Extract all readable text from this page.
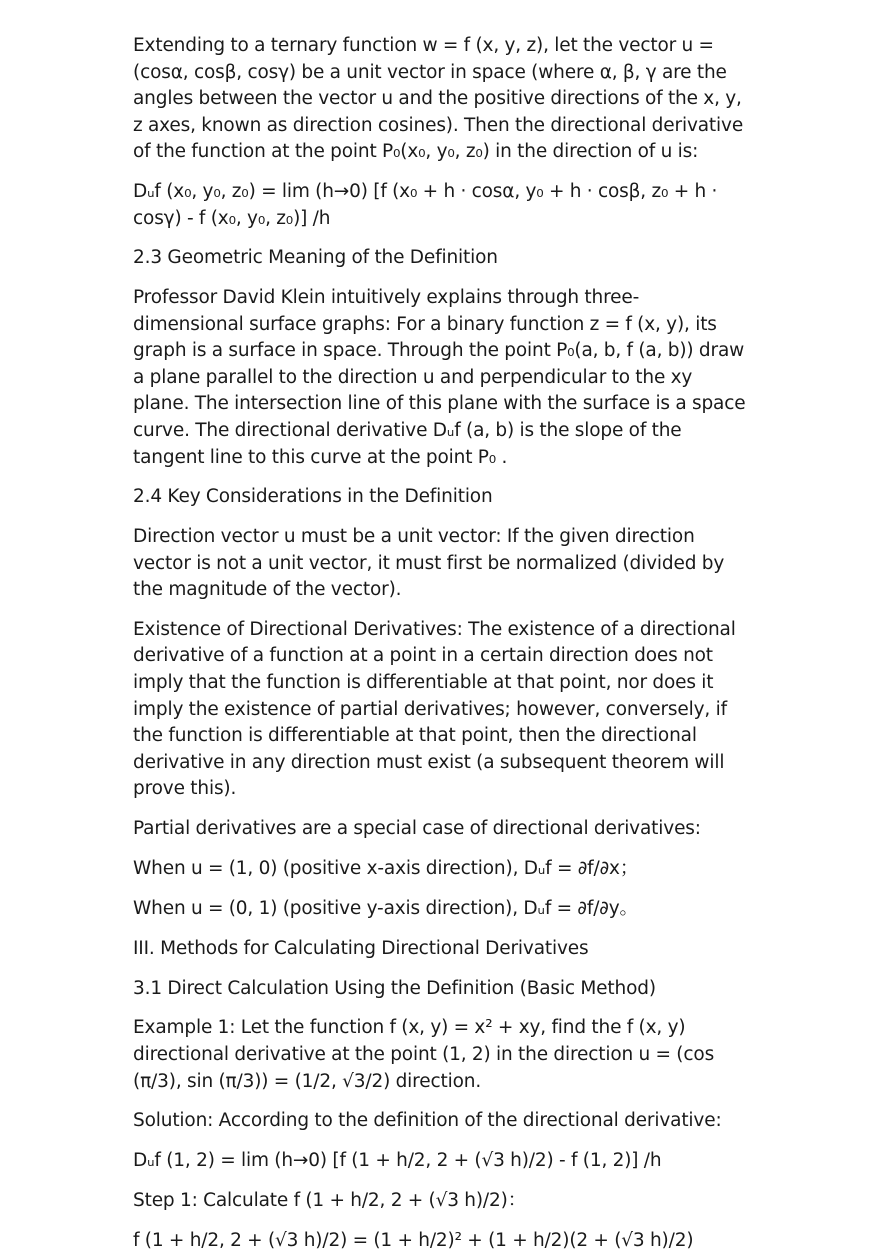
Extending to a ternary function w = f (x, y, z), let the vector u = (cosα, cosβ, cosγ) be a unit vector in space (where α, β, γ are the angles between the vector u and the positive directions of the x, y, z axes, known as direction cosines). Then the directional derivative of the function at the point P₀(x₀, y₀, z₀) in the direction of u is:

Dᵤf (x₀, y₀, z₀) = lim (h→0) [f (x₀ + h · cosα, y₀ + h · cosβ, z₀ + h · cosγ) - f (x₀, y₀, z₀)] /h

2.3 Geometric Meaning of the Definition

Professor David Klein intuitively explains through three-dimensional surface graphs: For a binary function z = f (x, y), its graph is a surface in space. Through the point P₀(a, b, f (a, b)) draw a plane parallel to the direction u and perpendicular to the xy plane. The intersection line of this plane with the surface is a space curve. The directional derivative Dᵤf (a, b) is the slope of the tangent line to this curve at the point P₀ .

2.4 Key Considerations in the Definition

Direction vector u must be a unit vector: If the given direction vector is not a unit vector, it must first be normalized (divided by the magnitude of the vector).

Existence of Directional Derivatives: The existence of a directional derivative of a function at a point in a certain direction does not imply that the function is differentiable at that point, nor does it imply the existence of partial derivatives; however, conversely, if the function is differentiable at that point, then the directional derivative in any direction must exist (a subsequent theorem will prove this).

Partial derivatives are a special case of directional derivatives:

When u = (1, 0) (positive x-axis direction), Dᵤf = ∂f/∂x；

When u = (0, 1) (positive y-axis direction), Dᵤf = ∂f/∂y。

III. Methods for Calculating Directional Derivatives

3.1 Direct Calculation Using the Definition (Basic Method)

Example 1: Let the function f (x, y) = x² + xy, find the f (x, y) directional derivative at the point (1, 2) in the direction u = (cos (π/3), sin (π/3)) = (1/2, √3/2) direction.

Solution: According to the definition of the directional derivative:

Dᵤf (1, 2) = lim (h→0) [f (1 + h/2, 2 + (√3 h)/2) - f (1, 2)] /h

Step 1: Calculate f (1 + h/2, 2 + (√3 h)/2)：

f (1 + h/2, 2 + (√3 h)/2) = (1 + h/2)² + (1 + h/2)(2 + (√3 h)/2)
